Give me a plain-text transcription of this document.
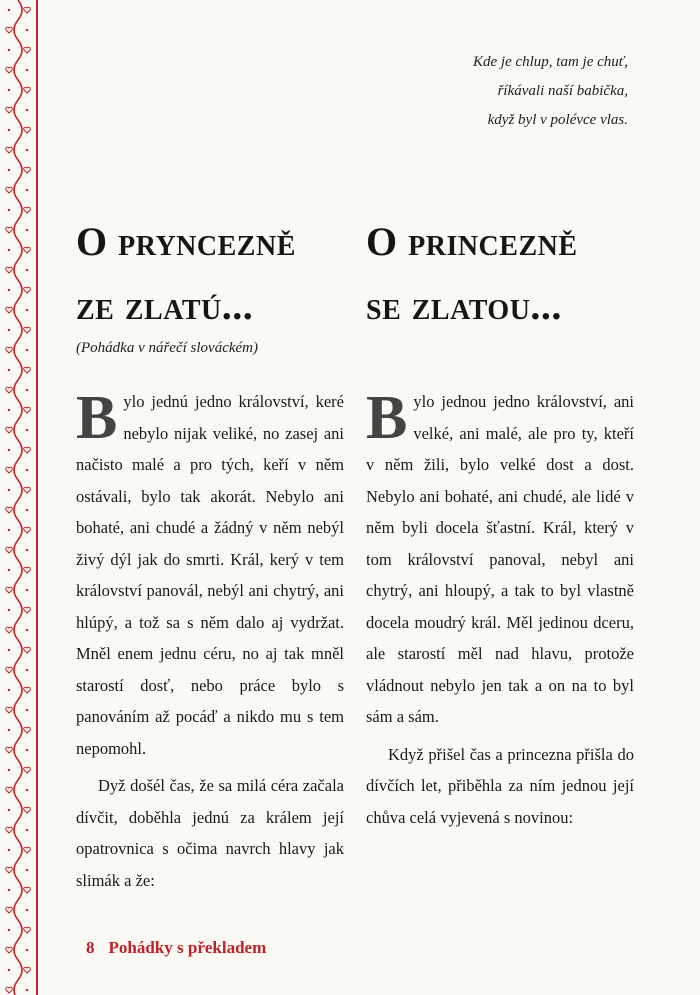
Kde je chlup, tam je chuť,
říkávali naší babička,
když byl v polévce vlas.
O pryncezně
ze zlatú...
(Pohádka v nářečí slováckém)

Bylo jednú jedno království, keré nebylo nijak veliké, no zasej ani načisto malé a pro tých, keří v něm ostávali, bylo tak akorát. Nebylo ani bohaté, ani chudé a žádný v něm nebýl živý dýl jak do smrti. Král, kerý v tem království panovál, nebýl ani chytrý, ani hlúpý, a tož sa s něm dalo aj vydržat. Mněl enem jednu céru, no aj tak mněl starostí dosť, nebo práce bylo s panováním až pocáď a nikdo mu s tem nepomohl.

Dyž došél čas, že sa milá céra začala dívčit, doběhla jednú za králem její opatrovnica s očima navrch hlavy jak slimák a že:

O princezně
se zlatou...

Bylo jednou jedno království, ani velké, ani malé, ale pro ty, kteří v něm žili, bylo velké dost a dost. Nebylo ani bohaté, ani chudé, ale lidé v něm byli docela šťastní. Král, který v tom království panoval, nebyl ani chytrý, ani hloupý, a tak to byl vlastně docela moudrý král. Měl jedinou dceru, ale starostí měl nad hlavu, protože vládnout nebylo jen tak a on na to byl sám a sám.

Když přišel čas a princezna přišla do dívčích let, přiběhla za ním jednou její chůva celá vyjevená s novinou:

8 Pohádky s překladem
